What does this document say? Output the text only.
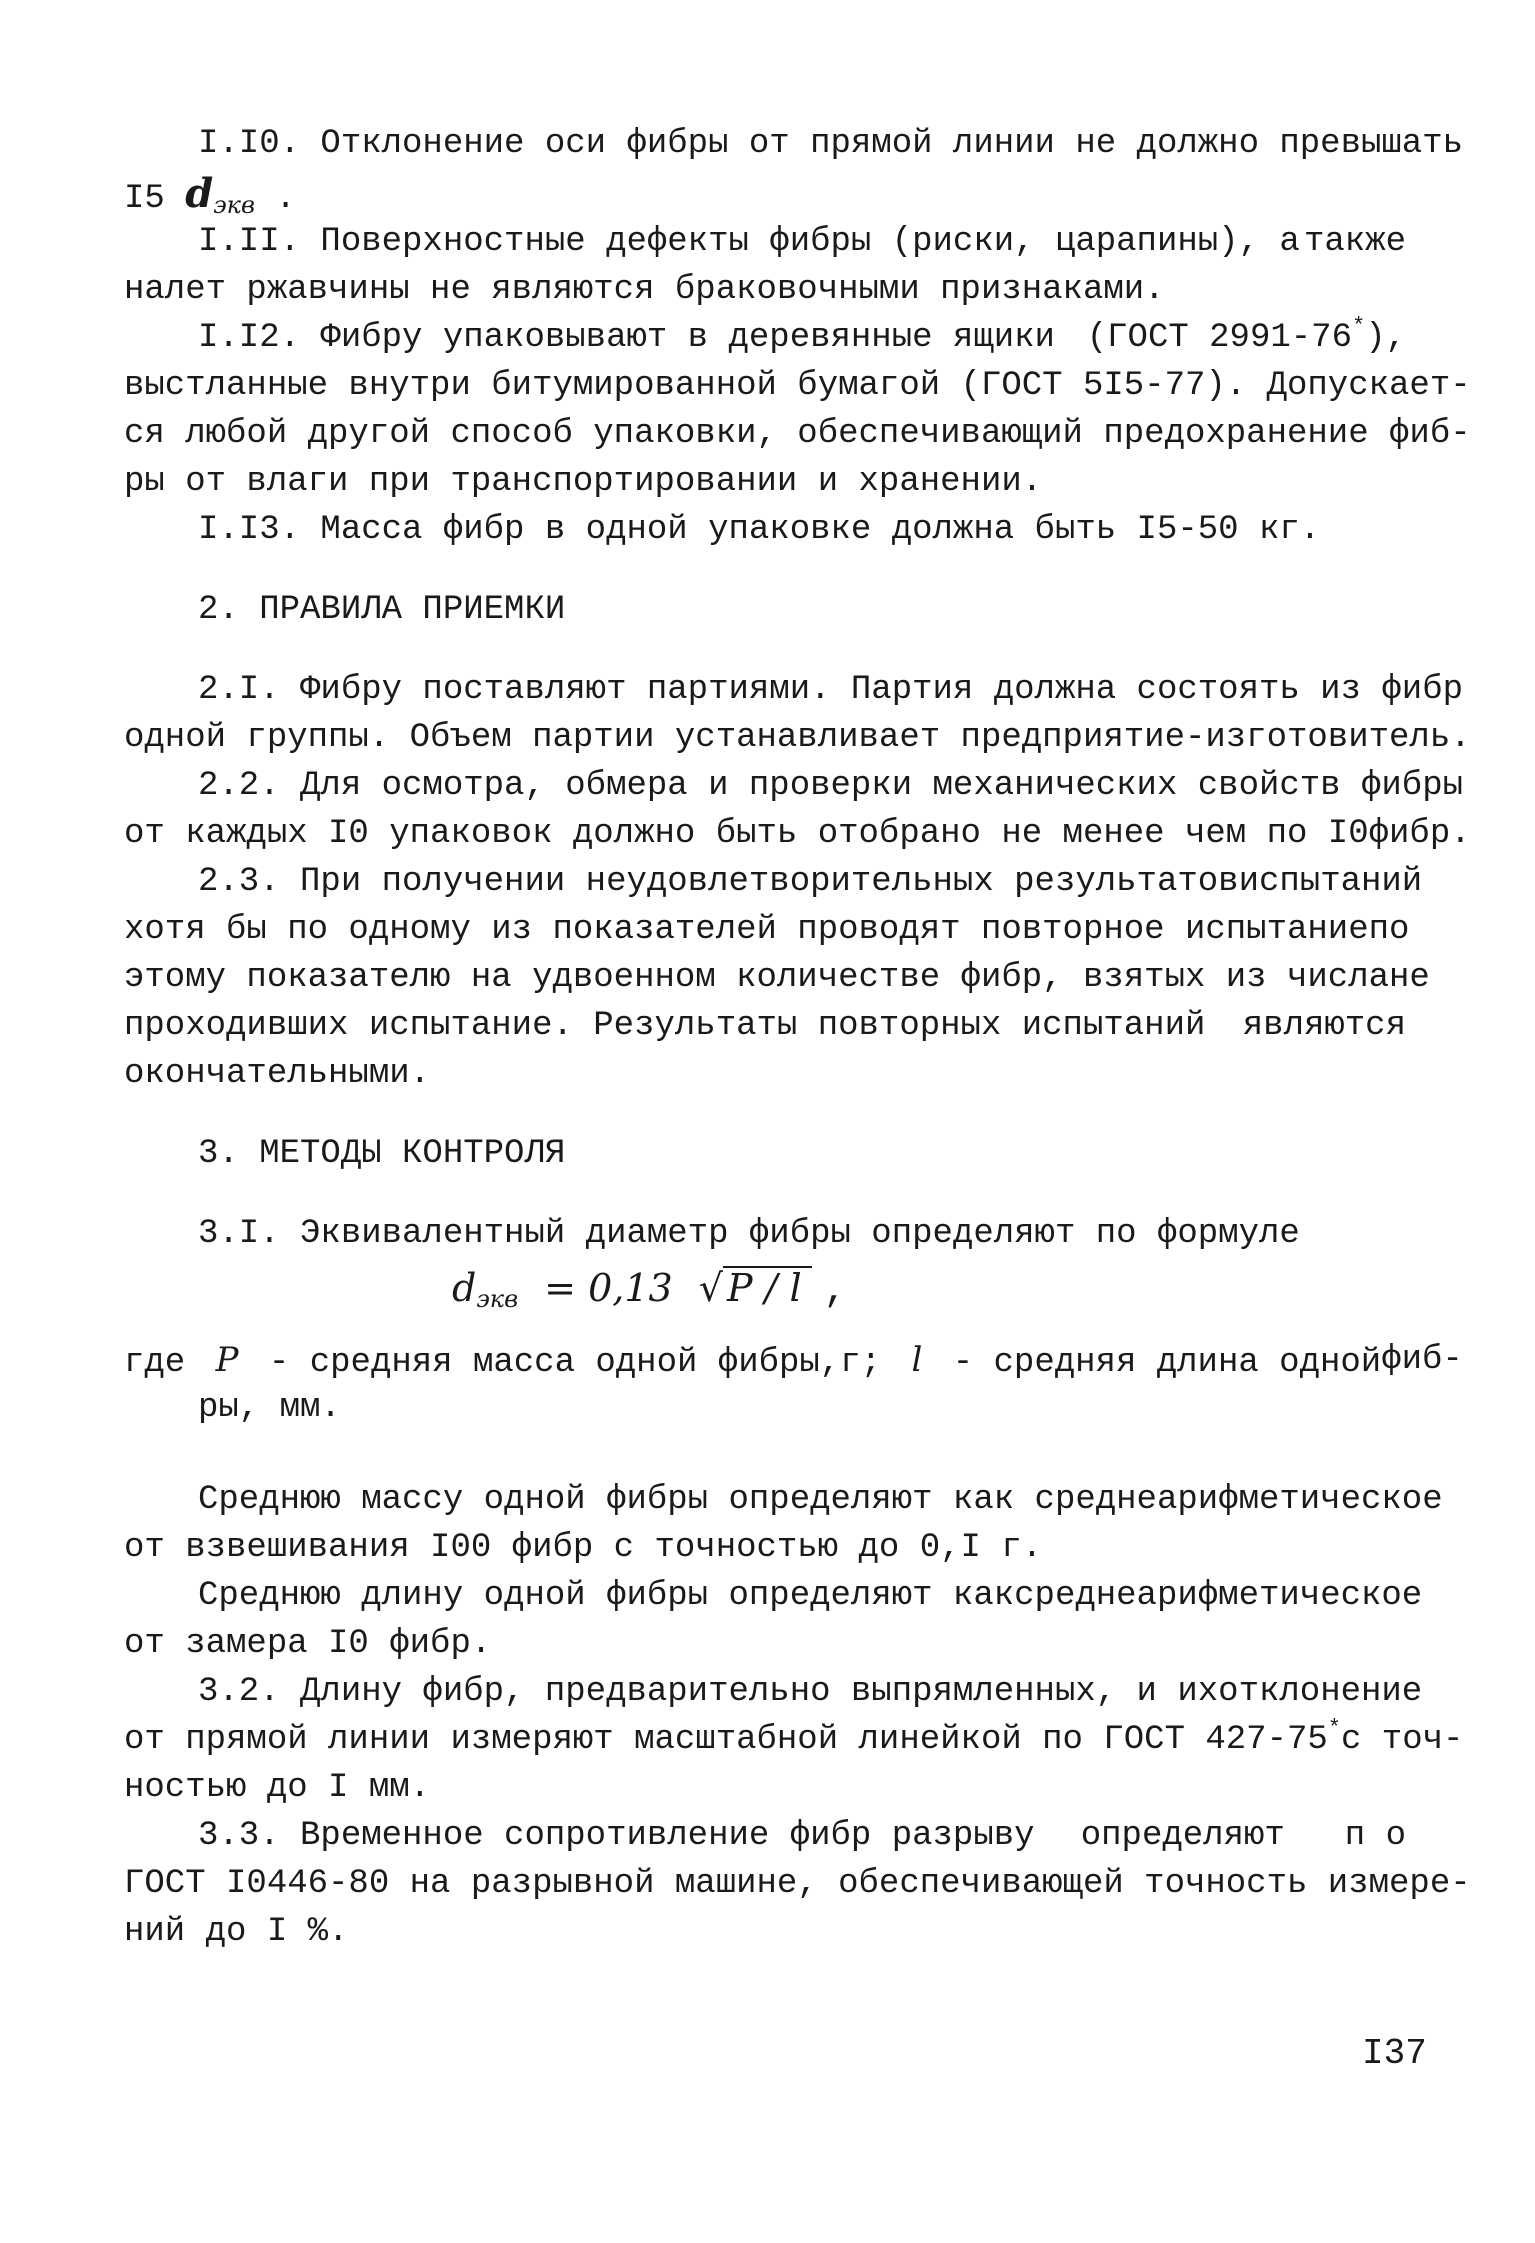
I.I0. Отклонение оси фибры от прямой линии не должно превышать
I5 $d_{экв}$ .
I.II. Поверхностные дефекты фибры (риски, царапины), а также
налет ржавчины не являются браковочными признаками.
I.I2. Фибру упаковывают в деревянные ящики (ГОСТ 2991-76*),
выстланные внутри битумированной бумагой (ГОСТ 5I5-77). Допускает-
ся любой другой способ упаковки, обеспечивающий предохранение фиб-
ры от влаги при транспортировании и хранении.
I.I3. Масса фибр в одной упаковке должна быть I5-50 кг.
2. ПРАВИЛА ПРИЕМКИ
2.I. Фибру поставляют партиями. Партия должна состоять из фибр
одной группы. Объем партии устанавливает предприятие-изготовитель.
2.2. Для осмотра, обмера и проверки механических свойств фибры
от каждых I0 упаковок должно быть отобрано не менее чем по I0фибр.
2.3. При получении неудовлетворительных результатов испытаний
хотя бы по одному из показателей проводят повторное испытание по
этому показателю на удвоенном количестве фибр, взятых из числа не
проходивших испытание. Результаты повторных испытаний являются
окончательными.
3. МЕТОДЫ КОНТРОЛЯ
3.I. Эквивалентный диаметр фибры определяют по формуле
$d_{экв} = 0,13$ √ P / l ,
где P - средняя масса одной фибры,г; l - средняя длина одной фиб-
ры, мм.
Среднюю массу одной фибры определяют как среднеарифметическое
от взвешивания I00 фибр с точностью до 0,I г.
Среднюю длину одной фибры определяют как среднеарифметическое
от замера I0 фибр.
3.2. Длину фибр, предварительно выпрямленных, и их отклонение
от прямой линии измеряют масштабной линейкой по ГОСТ 427-75* с точ-
ностью до I мм.
3.3. Временное сопротивление фибр разрыву определяют п о
ГОСТ I0446-80 на разрывной машине, обеспечивающей точность измере-
ний до I %.
I37
